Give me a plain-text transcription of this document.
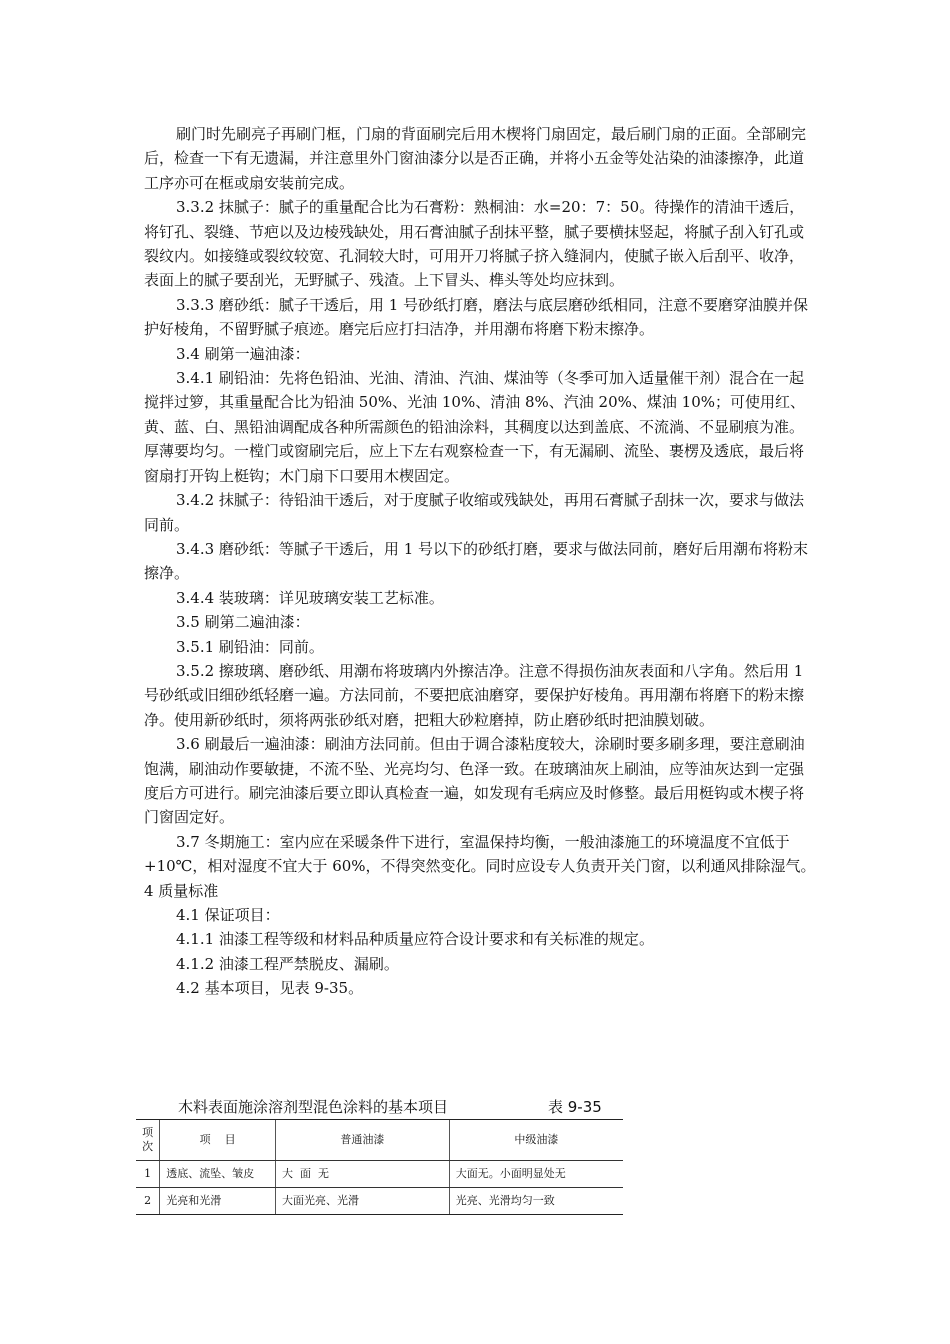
刷门时先刷亮子再刷门框，门扇的背面刷完后用木楔将门扇固定，最后刷门扇的正面。全部刷完后，检查一下有无遗漏，并注意里外门窗油漆分以是否正确，并将小五金等处沾染的油漆擦净，此道工序亦可在框或扇安装前完成。

3.3.2 抹腻子：腻子的重量配合比为石膏粉：熟桐油：水=20：7：50。待操作的清油干透后，将钉孔、裂缝、节疤以及边棱残缺处，用石膏油腻子刮抹平整，腻子要横抹竖起，将腻子刮入钉孔或裂纹内。如接缝或裂纹较宽、孔洞较大时，可用开刀将腻子挤入缝洞内，使腻子嵌入后刮平、收净，表面上的腻子要刮光，无野腻子、残渣。上下冒头、榫头等处均应抹到。

3.3.3 磨砂纸：腻子干透后，用 1 号砂纸打磨，磨法与底层磨砂纸相同，注意不要磨穿油膜并保护好棱角，不留野腻子痕迹。磨完后应打扫洁净，并用潮布将磨下粉末擦净。

3.4 刷第一遍油漆：

3.4.1 刷铅油：先将色铅油、光油、清油、汽油、煤油等（冬季可加入适量催干剂）混合在一起搅拌过箩，其重量配合比为铅油 50%、光油 10%、清油 8%、汽油 20%、煤油 10%；可使用红、黄、蓝、白、黑铅油调配成各种所需颜色的铅油涂料，其稠度以达到盖底、不流淌、不显刷痕为准。厚薄要均匀。一樘门或窗刷完后，应上下左右观察检查一下，有无漏刷、流坠、裹楞及透底，最后将窗扇打开钩上梃钩；木门扇下口要用木楔固定。

3.4.2 抹腻子：待铅油干透后，对于度腻子收缩或残缺处，再用石膏腻子刮抹一次，要求与做法同前。

3.4.3 磨砂纸：等腻子干透后，用 1 号以下的砂纸打磨，要求与做法同前，磨好后用潮布将粉末擦净。

3.4.4 装玻璃：详见玻璃安装工艺标准。

3.5 刷第二遍油漆：

3.5.1 刷铅油：同前。

3.5.2 擦玻璃、磨砂纸、用潮布将玻璃内外擦洁净。注意不得损伤油灰表面和八字角。然后用 1 号砂纸或旧细砂纸轻磨一遍。方法同前，不要把底油磨穿，要保护好棱角。再用潮布将磨下的粉末擦净。使用新砂纸时，须将两张砂纸对磨，把粗大砂粒磨掉，防止磨砂纸时把油膜划破。

3.6 刷最后一遍油漆：刷油方法同前。但由于调合漆粘度较大，涂刷时要多刷多理，要注意刷油饱满，刷油动作要敏捷，不流不坠、光亮均匀、色泽一致。在玻璃油灰上刷油，应等油灰达到一定强度后方可进行。刷完油漆后要立即认真检查一遍，如发现有毛病应及时修整。最后用梃钩或木楔子将门窗固定好。

3.7 冬期施工：室内应在采暖条件下进行，室温保持均衡，一般油漆施工的环境温度不宜低于+10℃，相对湿度不宜大于 60%，不得突然变化。同时应设专人负责开关门窗，以利通风排除湿气。

4 质量标准

4.1 保证项目：

4.1.1 油漆工程等级和材料品种质量应符合设计要求和有关标准的规定。

4.1.2 油漆工程严禁脱皮、漏刷。

4.2 基本项目，见表 9-35。

木料表面施涂溶剂型混色涂料的基本项目	表 9-35
项次	项    目	普通油漆	中级油漆
1	透底、流坠、皱皮	大  面  无	大面无。小面明显处无
2	光亮和光滑	大面光亮、光滑	光亮、光滑均匀一致
